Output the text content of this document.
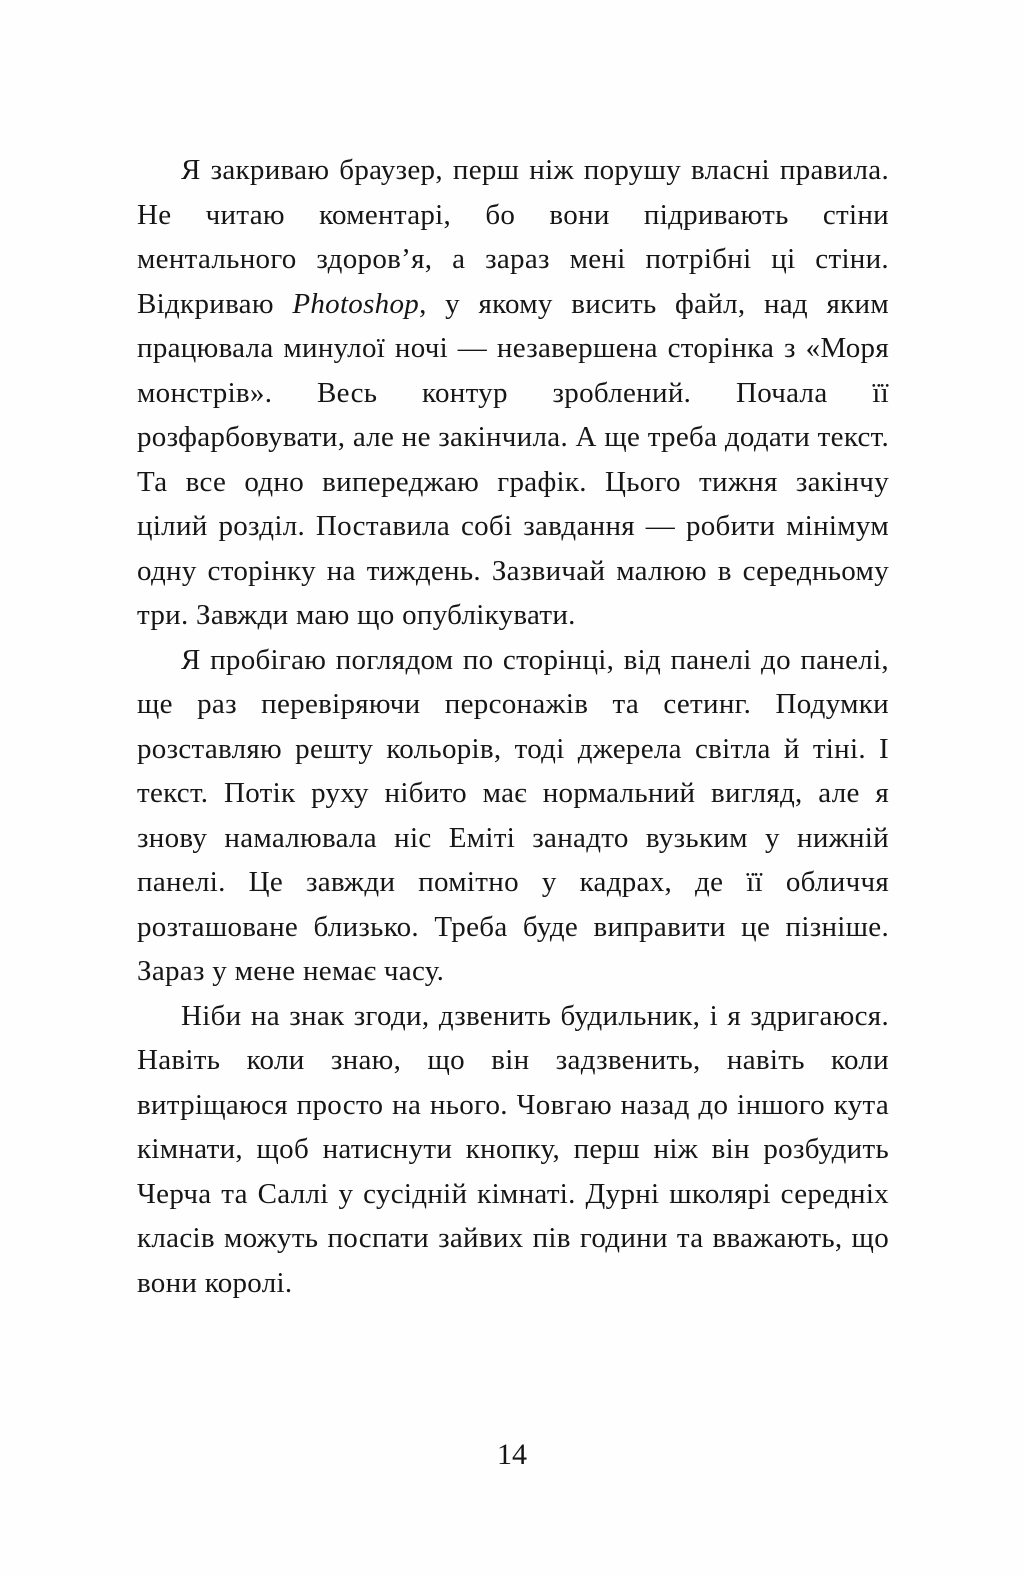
Я закриваю браузер, перш ніж порушу власні правила. Не читаю коментарі, бо вони підривають стіни ментального здоров’я, а зараз мені потрібні ці стіни. Відкриваю Photoshop, у якому висить файл, над яким працювала минулої ночі — незавершена сторінка з «Моря монстрів». Весь контур зроблений. Почала її розфарбовувати, але не закінчила. А ще треба додати текст. Та все одно випереджаю графік. Цього тижня закінчу цілий розділ. Поставила собі завдання — робити мінімум одну сторінку на тиждень. Зазвичай малюю в середньому три. Завжди маю що опублікувати.

Я пробігаю поглядом по сторінці, від панелі до панелі, ще раз перевіряючи персонажів та сетинг. Подумки розставляю решту кольорів, тоді джерела світла й тіні. І текст. Потік руху нібито має нормальний вигляд, але я знову намалювала ніс Еміті занадто вузьким у нижній панелі. Це завжди помітно у кадрах, де її обличчя розташоване близько. Треба буде виправити це пізніше. Зараз у мене немає часу.

Ніби на знак згоди, дзвенить будильник, і я здригаюся. Навіть коли знаю, що він задзвенить, навіть коли витріщаюся просто на нього. Човгаю назад до іншого кута кімнати, щоб натиснути кнопку, перш ніж він розбудить Черча та Саллі у сусідній кімнаті. Дурні школярі середніх класів можуть поспати зайвих пів години та вважають, що вони королі.

14
